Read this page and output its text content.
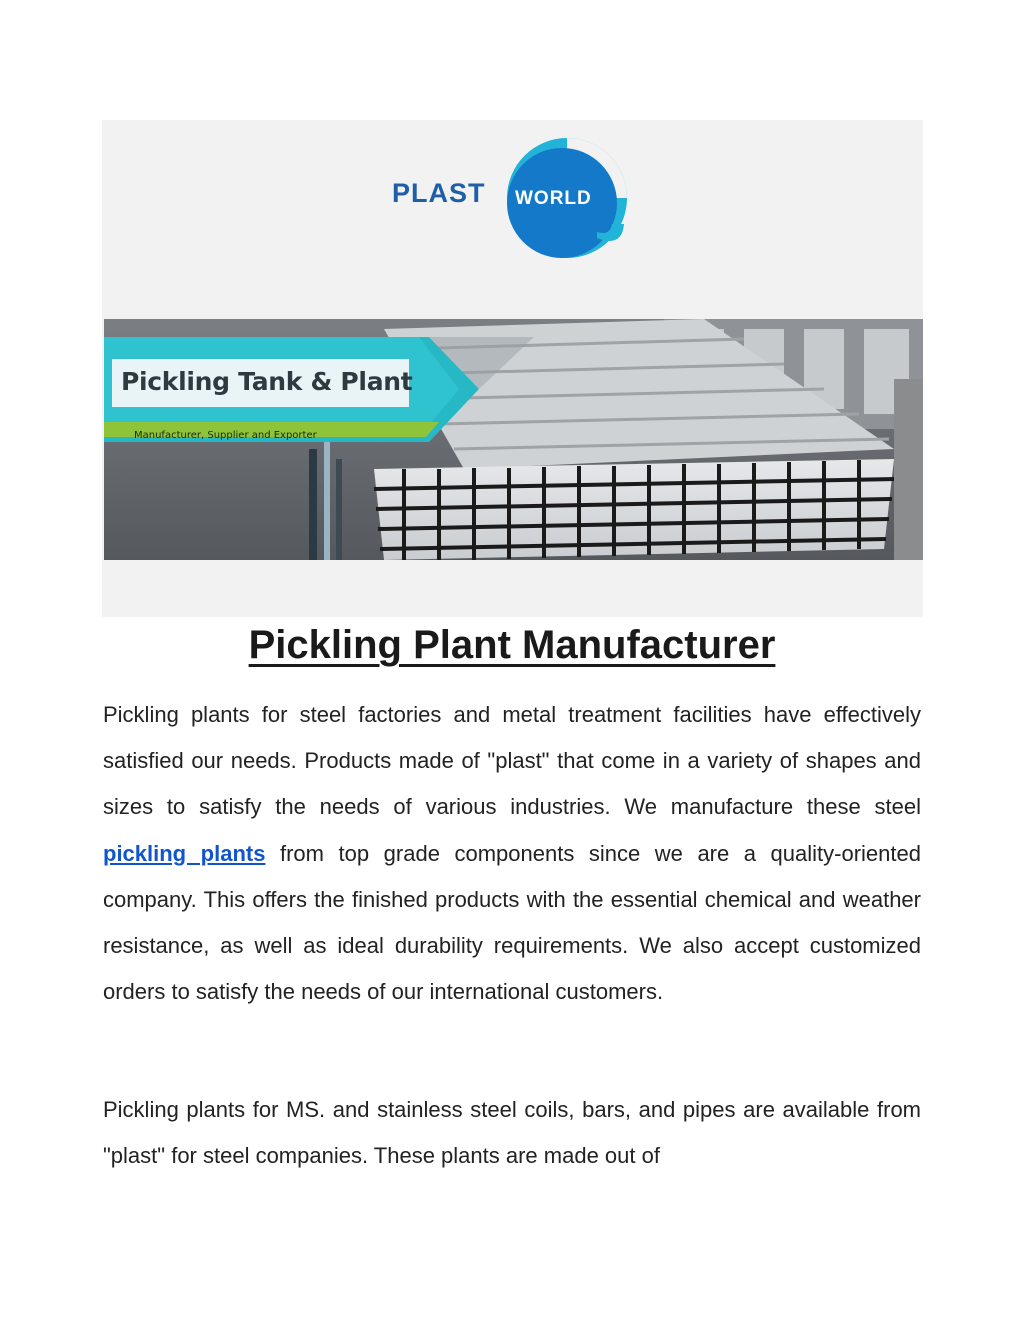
PLAST WORLD
Pickling Tank & Plant
Manufacturer, Supplier and Exporter
Pickling Plant Manufacturer

Pickling plants for steel factories and metal treatment facilities have effectively satisfied our needs. Products made of "plast" that come in a variety of shapes and sizes to satisfy the needs of various industries. We manufacture these steel pickling plants from top grade components since we are a quality-oriented company. This offers the finished products with the essential chemical and weather resistance, as well as ideal durability requirements. We also accept customized orders to satisfy the needs of our international customers.

Pickling plants for MS. and stainless steel coils, bars, and pipes are available from "plast" for steel companies. These plants are made out of
